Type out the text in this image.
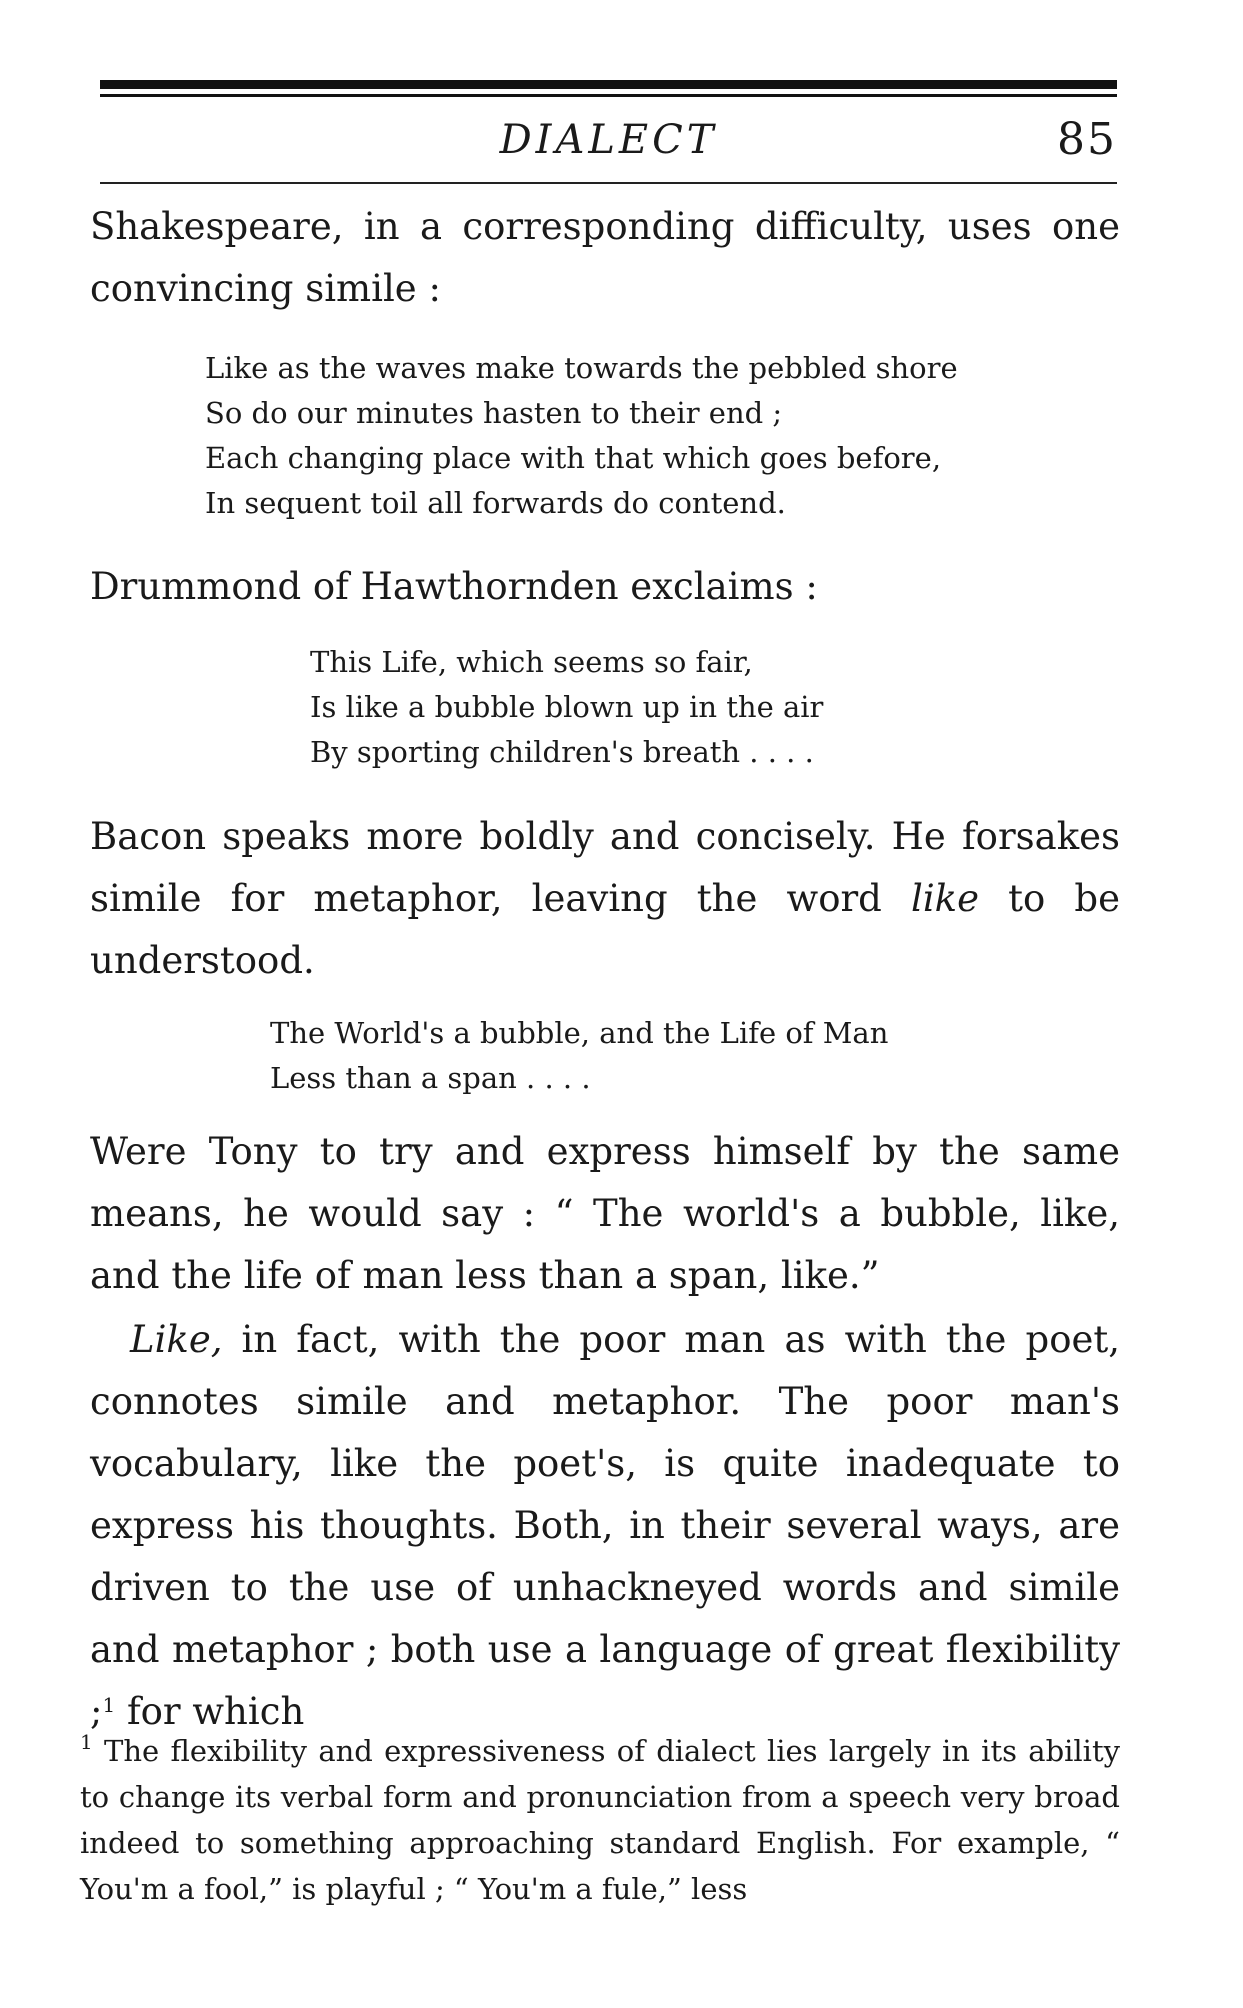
DIALECT	85

Shakespeare, in a corresponding difficulty, uses one convincing simile :

Like as the waves make towards the pebbled shore
So do our minutes hasten to their end ;
Each changing place with that which goes before,
In sequent toil all forwards do contend.

Drummond of Hawthornden exclaims :

This Life, which seems so fair,
Is like a bubble blown up in the air
By sporting children's breath . . . .

Bacon speaks more boldly and concisely. He forsakes simile for metaphor, leaving the word like to be understood.

The World's a bubble, and the Life of Man
Less than a span . . . .

Were Tony to try and express himself by the same means, he would say : “ The world's a bubble, like, and the life of man less than a span, like.”

Like, in fact, with the poor man as with the poet, connotes simile and metaphor. The poor man's vocabulary, like the poet's, is quite inadequate to express his thoughts. Both, in their several ways, are driven to the use of unhackneyed words and simile and metaphor ; both use a language of great flexibility ;$^1$ for which

$^1$ The flexibility and expressiveness of dialect lies largely in its ability to change its verbal form and pronunciation from a speech very broad indeed to something approaching standard English. For example, “ You'm a fool,” is playful ; “ You'm a fule,” less
